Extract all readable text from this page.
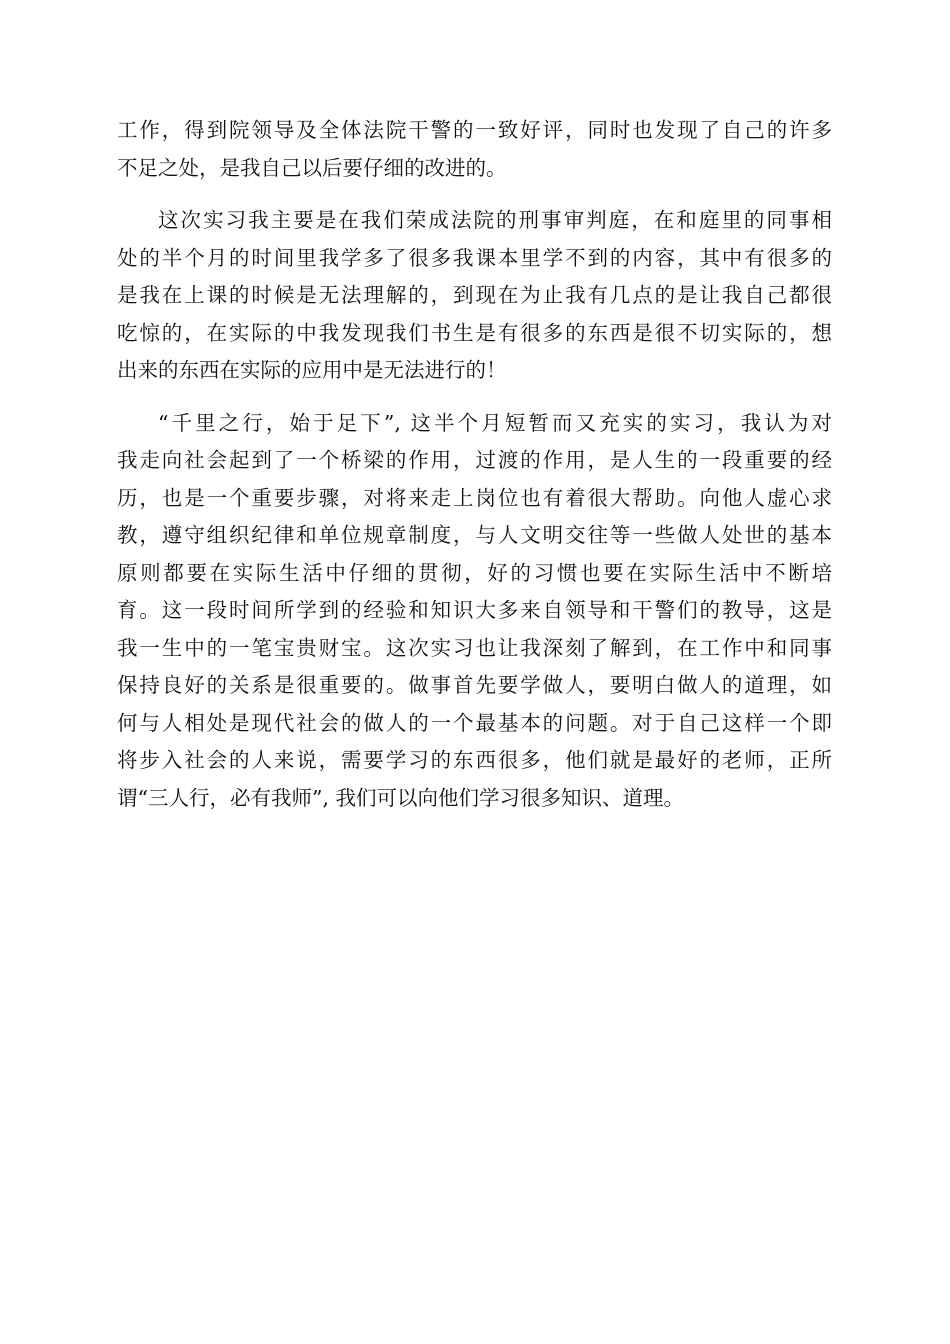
工作，得到院领导及全体法院干警的一致好评，同时也发现了自己的许多
不足之处，是我自己以后要仔细的改进的。
这次实习我主要是在我们荣成法院的刑事审判庭，在和庭里的同事相
处的半个月的时间里我学多了很多我课本里学不到的内容，其中有很多的
是我在上课的时候是无法理解的，到现在为止我有几点的是让我自己都很
吃惊的，在实际的中我发现我们书生是有很多的东西是很不切实际的，想
出来的东西在实际的应用中是无法进行的！
“千里之行，始于足下”, 这半个月短暂而又充实的实习，我认为对
我走向社会起到了一个桥梁的作用，过渡的作用，是人生的一段重要的经
历，也是一个重要步骤，对将来走上岗位也有着很大帮助。向他人虚心求
教，遵守组织纪律和单位规章制度，与人文明交往等一些做人处世的基本
原则都要在实际生活中仔细的贯彻，好的习惯也要在实际生活中不断培
育。这一段时间所学到的经验和知识大多来自领导和干警们的教导，这是
我一生中的一笔宝贵财宝。这次实习也让我深刻了解到，在工作中和同事
保持良好的关系是很重要的。做事首先要学做人，要明白做人的道理，如
何与人相处是现代社会的做人的一个最基本的问题。对于自己这样一个即
将步入社会的人来说，需要学习的东西很多，他们就是最好的老师，正所
谓“三人行，必有我师”, 我们可以向他们学习很多知识、道理。
